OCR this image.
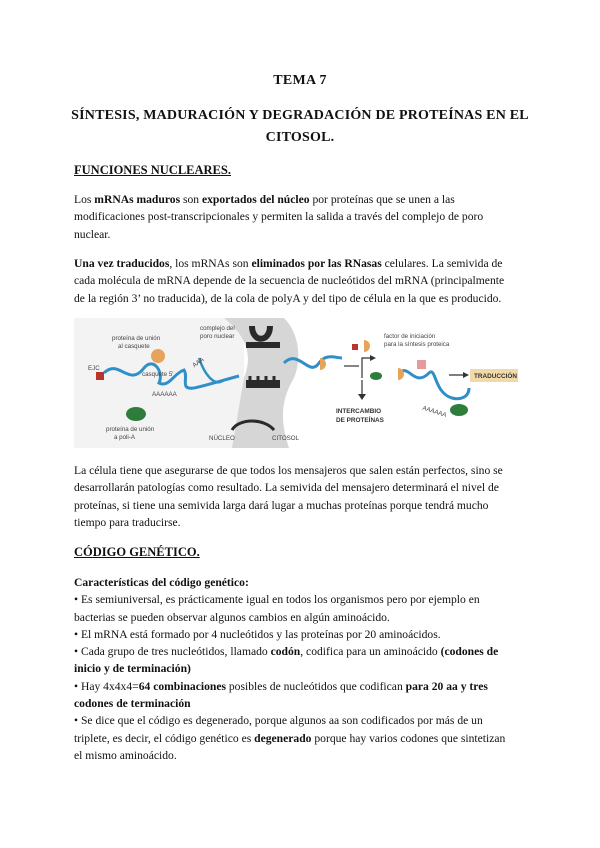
TEMA 7
SÍNTESIS, MADURACIÓN Y DEGRADACIÓN DE PROTEÍNAS EN EL
CITOSOL.
FUNCIONES NUCLEARES.
Los mRNAs maduros son exportados del núcleo por proteínas que se unen a las
modificaciones post-transcripcionales y permiten la salida a través del complejo de poro
nuclear.
Una vez traducidos, los mRNAs son eliminados por las RNasas celulares. La semivida de
cada molécula de mRNA depende de la secuencia de nucleótidos del mRNA (principalmente
de la región 3’ no traducida), de la cola de polyA y del tipo de célula en la que es producido.
EJC
proteína de unión
al casquete
casquete 5'
AAAAAA
proteína de unión
a poli-A
complejo del
poro nuclear
NÚCLEO	CITOSOL
AAA
factor de iniciación
para la síntesis proteica
INTERCAMBIO
DE PROTEÍNAS
TRADUCCIÓN
AAAAAA
La célula tiene que asegurarse de que todos los mensajeros que salen están perfectos, sino se
desarrollarán patologías como resultado. La semivida del mensajero determinará el nivel de
proteínas, si tiene una semivida larga dará lugar a muchas proteínas porque tendrá mucho
tiempo para traducirse.
CÓDIGO GENÉTICO.
Características del código genético:
• Es semiuniversal, es prácticamente igual en todos los organismos pero por ejemplo en
bacterias se pueden observar algunos cambios en algún aminoácido.
• El mRNA está formado por 4 nucleótidos y las proteínas por 20 aminoácidos.
• Cada grupo de tres nucleótidos, llamado codón, codifica para un aminoácido (codones de
inicio y de terminación)
• Hay 4x4x4=64 combinaciones posibles de nucleótidos que codifican para 20 aa y tres
codones de terminación
• Se dice que el código es degenerado, porque algunos aa son codificados por más de un
triplete, es decir, el código genético es degenerado porque hay varios codones que sintetizan
el mismo aminoácido.
